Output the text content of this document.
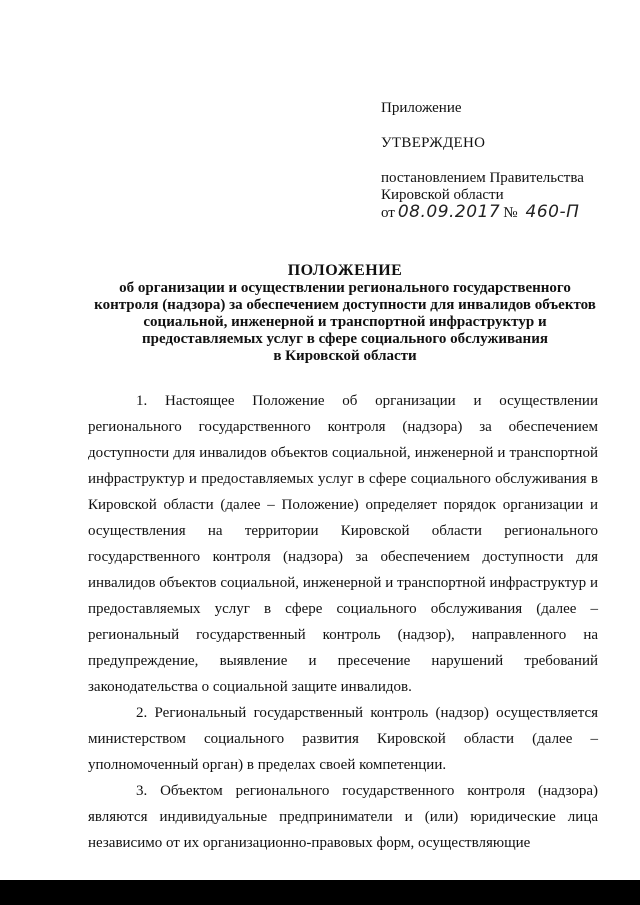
Приложение
УТВЕРЖДЕНО
постановлением Правительства
Кировской области
от 08.09.2017 № 460-П
ПОЛОЖЕНИЕ
об организации и осуществлении регионального государственного
контроля (надзора) за обеспечением доступности для инвалидов объектов
социальной, инженерной и транспортной инфраструктур и
предоставляемых услуг в сфере социального обслуживания
в Кировской области

1. Настоящее Положение об организации и осуществлении регионального государственного контроля (надзора) за обеспечением доступности для инвалидов объектов социальной, инженерной и транспортной инфраструктур и предоставляемых услуг в сфере социального обслуживания в Кировской области (далее – Положение) определяет порядок организации и осуществления на территории Кировской области регионального государственного контроля (надзора) за обеспечением доступности для инвалидов объектов социальной, инженерной и транспортной инфраструктур и предоставляемых услуг в сфере социального обслуживания (далее – региональный государственный контроль (надзор), направленного на предупреждение, выявление и пресечение нарушений требований законодательства о социальной защите инвалидов.

2. Региональный государственный контроль (надзор) осуществляется министерством социального развития Кировской области (далее – уполномоченный орган) в пределах своей компетенции.

3. Объектом регионального государственного контроля (надзора) являются индивидуальные предприниматели и (или) юридические лица независимо от их организационно-правовых форм, осуществляющие
